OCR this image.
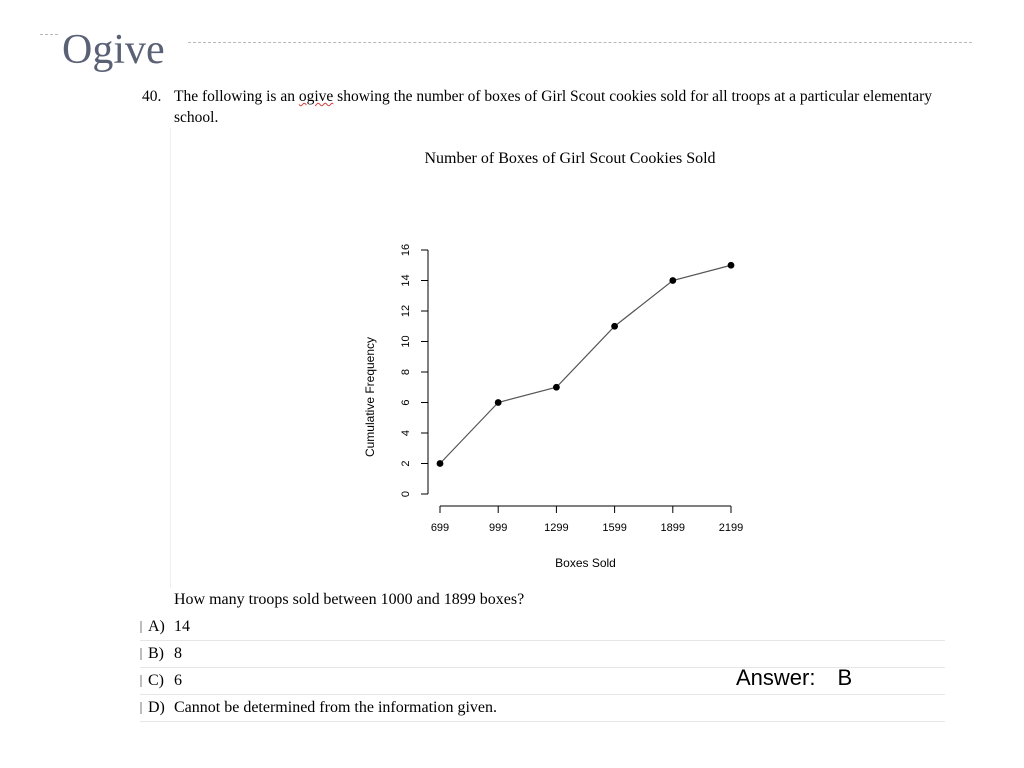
Ogive
40. The following is an ogive showing the number of boxes of Girl Scout cookies sold for all troops at a particular elementary school.
Number of Boxes of Girl Scout Cookies Sold
0
2
4
6
8
10
12
14
16
699	999	1299	1599	1899	2199
Boxes Sold
Cumulative Frequency
How many troops sold between 1000 and 1899 boxes?
A) 14
B) 8
C) 6
D) Cannot be determined from the information given.
Answer: B
